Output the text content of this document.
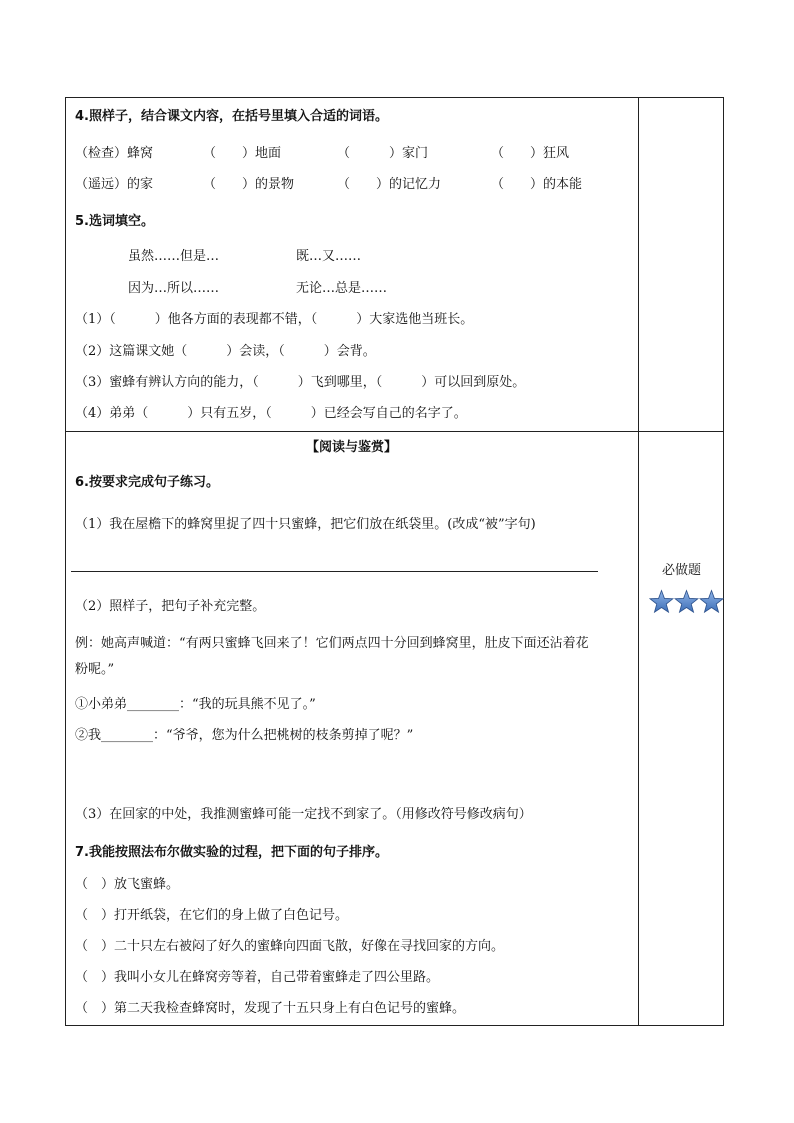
4.照样子，结合课文内容，在括号里填入合适的词语。
（检查）蜂窝	（　　）地面	（　　　）家门	（　　）狂风
（遥远）的家	（　　）的景物	（　　）的记忆力	（　　）的本能
5.选词填空。
虽然……但是…	既…又……
因为…所以……	无论…总是……
（1）（　　　）他各方面的表现都不错，（　　　）大家选他当班长。
（2）这篇课文她（　　　）会读，（　　　）会背。
（3）蜜蜂有辨认方向的能力，（　　　）飞到哪里，（　　　）可以回到原处。
（4）弟弟（　　　）只有五岁，（　　　）已经会写自己的名字了。
【阅读与鉴赏】
6.按要求完成句子练习。
（1）我在屋檐下的蜂窝里捉了四十只蜜蜂，把它们放在纸袋里。(改成“被”字句)
（2）照样子，把句子补充完整。
例：她高声喊道：“有两只蜜蜂飞回来了！它们两点四十分回到蜂窝里，肚皮下面还沾着花
粉呢。”
①小弟弟________：“我的玩具熊不见了。”
②我________：“爷爷，您为什么把桃树的枝条剪掉了呢？”
（3）在回家的中处，我推测蜜蜂可能一定找不到家了。（用修改符号修改病句）
7.我能按照法布尔做实验的过程，把下面的句子排序。
（　）放飞蜜蜂。
（　）打开纸袋，在它们的身上做了白色记号。
（　）二十只左右被闷了好久的蜜蜂向四面飞散，好像在寻找回家的方向。
（　）我叫小女儿在蜂窝旁等着，自己带着蜜蜂走了四公里路。
（　）第二天我检查蜂窝时，发现了十五只身上有白色记号的蜜蜂。
必做题
